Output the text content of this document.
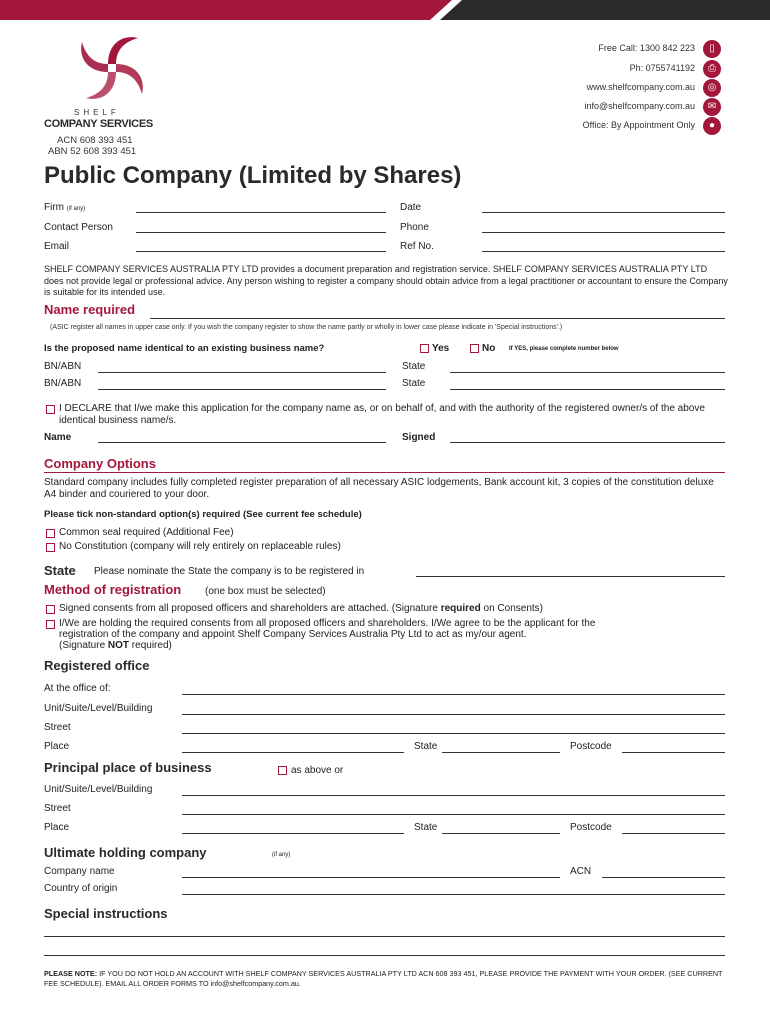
SHELF
COMPANY SERVICES
ACN 608 393 451
ABN 52 608 393 451
Free Call: 1300 842 223	▯
Ph: 0755741192	⎙
www.shelfcompany.com.au	◎
info@shelfcompany.com.au	✉
Office: By Appointment Only	●
Public Company (Limited by Shares)
Firm (if any)	Date
Contact Person	Phone
Email	Ref No.
SHELF COMPANY SERVICES AUSTRALIA PTY LTD provides a document preparation and registration service. SHELF COMPANY SERVICES AUSTRALIA PTY LTD does not provide legal or professional advice. Any person wishing to register a company should obtain advice from a legal practitioner or accountant to ensure the Company is suitable for its intended use.
Name required
(ASIC register all names in upper case only. If you wish the company register to show the name partly or wholly in lower case please indicate in 'Special instructions'.)
Is the proposed name identical to an existing business name?	Yes	No If YES, please complete number below
BN/ABN	State
BN/ABN	State
I DECLARE that I/we make this application for the company name as, or on behalf of, and with the authority of the registered owner/s of the above identical business name/s.
Name	Signed
Company Options
Standard company includes fully completed register preparation of all necessary ASIC lodgements, Bank account kit, 3 copies of the constitution deluxe A4 binder and couriered to your door.
Please tick non-standard option(s) required (See current fee schedule)
Common seal required (Additional Fee)
No Constitution (company will rely entirely on replaceable rules)
State Please nominate the State the company is to be registered in
Method of registration (one box must be selected)
Signed consents from all proposed officers and shareholders are attached. (Signature required on Consents)
I/We are holding the required consents from all proposed officers and shareholders. I/We agree to be the applicant for the
registration of the company and appoint Shelf Company Services Australia Pty Ltd to act as my/our agent.
(Signature NOT required)
Registered office
At the office of:
Unit/Suite/Level/Building
Street
Place	State	Postcode
Principal place of business	as above or
Unit/Suite/Level/Building
Street
Place	State	Postcode
Ultimate holding company	(if any)
Company name	ACN
Country of origin
Special instructions
PLEASE NOTE: IF YOU DO NOT HOLD AN ACCOUNT WITH SHELF COMPANY SERVICES AUSTRALIA PTY LTD ACN 608 393 451, PLEASE PROVIDE THE PAYMENT WITH YOUR ORDER. (SEE CURRENT FEE SCHEDULE). EMAIL ALL ORDER FORMS TO info@shelfcompany.com.au.
